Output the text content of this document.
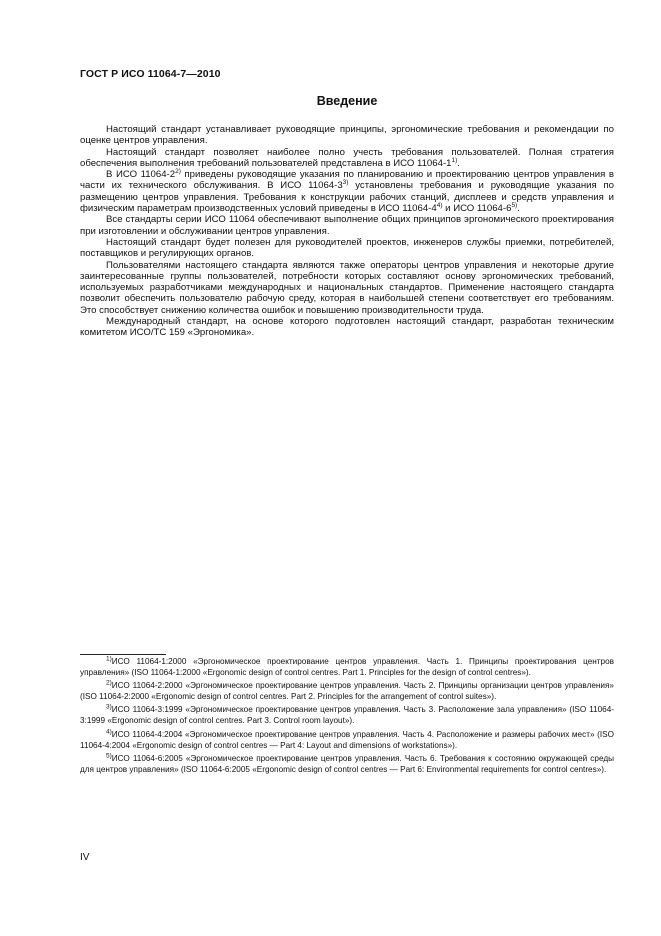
ГОСТ Р ИСО 11064-7—2010
Введение

Настоящий стандарт устанавливает руководящие принципы, эргономические требования и рекомендации по оценке центров управления.

Настоящий стандарт позволяет наиболее полно учесть требования пользователей. Полная стратегия обеспечения выполнения требований пользователей представлена в ИСО 11064-1$^{1)}$.

В ИСО 11064-2$^{2)}$ приведены руководящие указания по планированию и проектированию центров управления в части их технического обслуживания. В ИСО 11064-3$^{3)}$ установлены требования и руководящие указания по размещению центров управления. Требования к конструкции рабочих станций, дисплеев и средств управления и физическим параметрам производственных условий приведены в ИСО 11064-4$^{4)}$ и ИСО 11064-6$^{5)}$.

Все стандарты серии ИСО 11064 обеспечивают выполнение общих принципов эргономического проектирования при изготовлении и обслуживании центров управления.

Настоящий стандарт будет полезен для руководителей проектов, инженеров службы приемки, потребителей, поставщиков и регулирующих органов.

Пользователями настоящего стандарта являются также операторы центров управления и некоторые другие заинтересованные группы пользователей, потребности которых составляют основу эргономических требований, используемых разработчиками международных и национальных стандартов. Применение настоящего стандарта позволит обеспечить пользователю рабочую среду, которая в наибольшей степени соответствует его требованиям. Это способствует снижению количества ошибок и повышению производительности труда.

Международный стандарт, на основе которого подготовлен настоящий стандарт, разработан техническим комитетом ИСО/ТС 159 «Эргономика».

$^{1)}$ИСО 11064-1:2000 «Эргономическое проектирование центров управления. Часть 1. Принципы проектирования центров управления» (ISO 11064-1:2000 «Ergonomic design of control centres. Part 1. Principles for the design of control centres»).

$^{2)}$ИСО 11064-2:2000 «Эргономическое проектирование центров управления. Часть 2. Принципы организации центров управления» (ISO 11064-2:2000 «Ergonomic design of control centres. Part 2. Principles for the arrangement of control suites»).

$^{3)}$ИСО 11064-3:1999 «Эргономическое проектирование центров управления. Часть 3. Расположение зала управления» (ISO 11064-3:1999 «Ergonomic design of control centres. Part 3. Control room layout»).

$^{4)}$ИСО 11064-4:2004 «Эргономическое проектирование центров управления. Часть 4. Расположение и размеры рабочих мест» (ISO 11064-4:2004 «Ergonomic design of control centres — Part 4: Layout and dimensions of workstations»).

$^{5)}$ИСО 11064-6:2005 «Эргономическое проектирование центров управления. Часть 6. Требования к состоянию окружающей среды для центров управления» (ISO 11064-6:2005 «Ergonomic design of control centres — Part 6: Environmental requirements for control centres»).

IV
